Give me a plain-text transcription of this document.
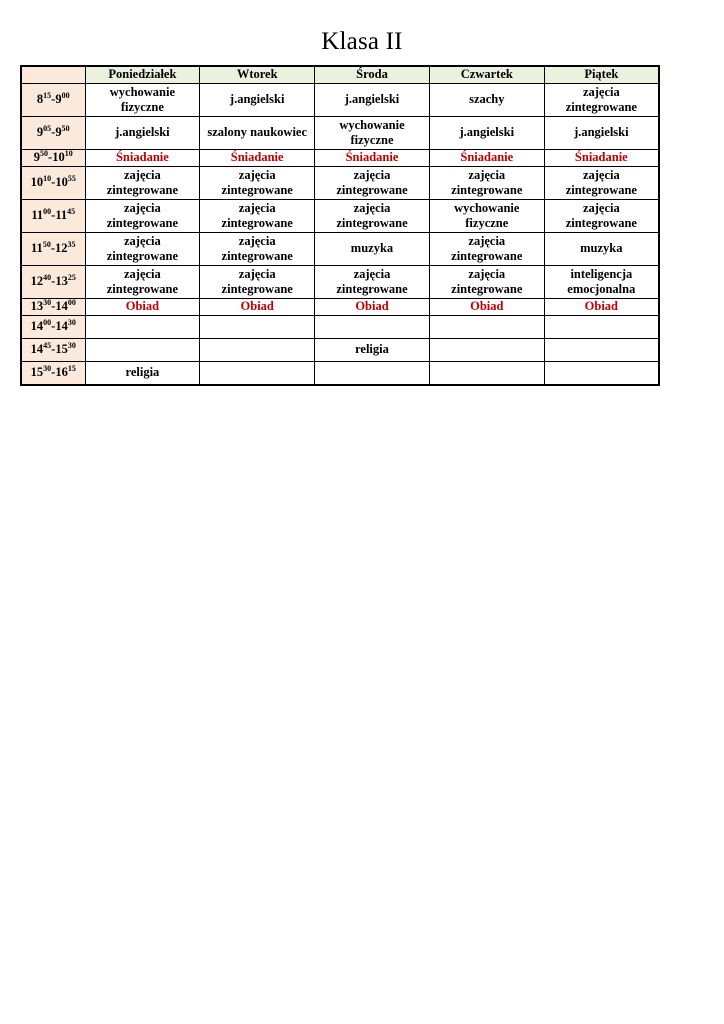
Klasa II
	Poniedziałek	Wtorek	Środa	Czwartek	Piątek
$8^{15}-9^{00}$	wychowanie fizyczne	j.angielski	j.angielski	szachy	zajęcia zintegrowane
$9^{05}-9^{50}$	j.angielski	szalony naukowiec	wychowanie fizyczne	j.angielski	j.angielski
$9^{50}-10^{10}$	Śniadanie	Śniadanie	Śniadanie	Śniadanie	Śniadanie
$10^{10}-10^{55}$	zajęcia zintegrowane	zajęcia zintegrowane	zajęcia zintegrowane	zajęcia zintegrowane	zajęcia zintegrowane
$11^{00}-11^{45}$	zajęcia zintegrowane	zajęcia zintegrowane	zajęcia zintegrowane	wychowanie fizyczne	zajęcia zintegrowane
$11^{50}-12^{35}$	zajęcia zintegrowane	zajęcia zintegrowane	muzyka	zajęcia zintegrowane	muzyka
$12^{40}-13^{25}$	zajęcia zintegrowane	zajęcia zintegrowane	zajęcia zintegrowane	zajęcia zintegrowane	inteligencja emocjonalna
$13^{30}-14^{00}$	Obiad	Obiad	Obiad	Obiad	Obiad
$14^{00}-14^{30}$					
$14^{45}-15^{30}$			religia		
$15^{30}-16^{15}$	religia				
